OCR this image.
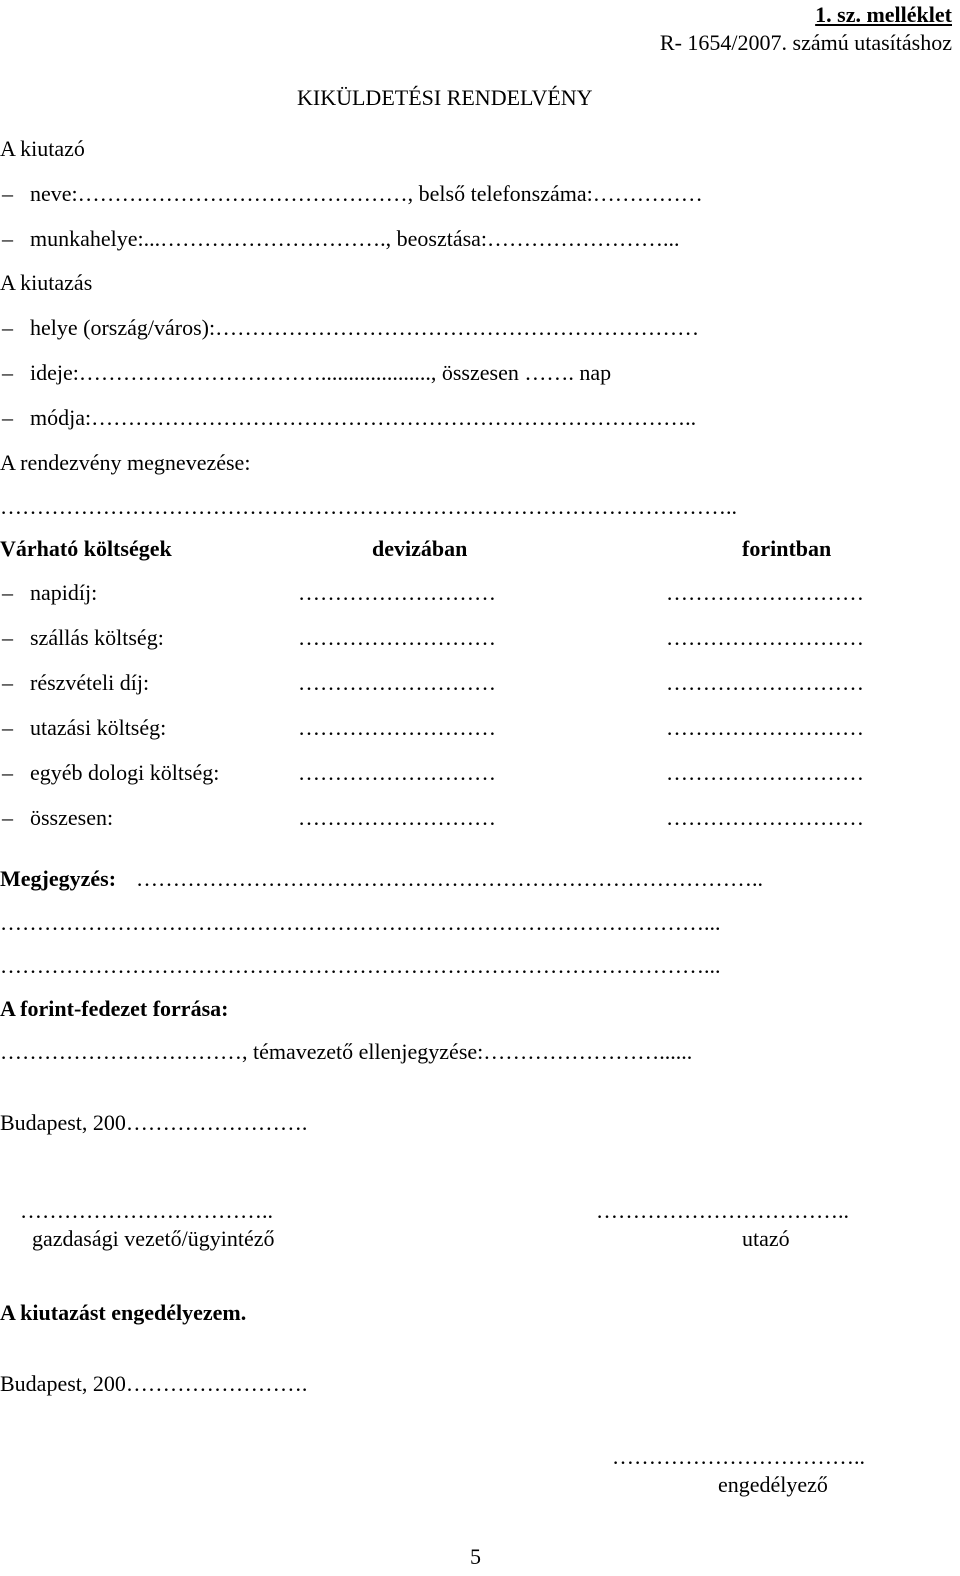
1. sz. melléklet
R- 1654/2007. számú utasításhoz
KIKÜLDETÉSI RENDELVÉNY
A kiutazó
– neve:………………………………………, belső telefonszáma:……………
– munkahelye:...…………………………., beosztása:……………………...
A kiutazás
– helye (ország/város):…………………………………………………………
– ideje:……………………………...................., összesen ……. nap
– módja:………………………………………………………………………..
A rendezvény megnevezése:
………………………………………………………………………………………..
Várható költségek	devizában	forintban
– napidíj:	………………………	………………………
– szállás költség:	………………………	………………………
– részvételi díj:	………………………	………………………
– utazási költség:	………………………	………………………
– egyéb dologi költség:	………………………	………………………
– összesen:	………………………	………………………
Megjegyzés: …………………………………………………………………………..
……………………………………………………………………………………...
……………………………………………………………………………………...
A forint-fedezet forrása:
……………………………, témavezető ellenjegyzése:……………………......
Budapest, 200…………………….
……………………………..
gazdasági vezető/ügyintéző
……………………………..
utazó
A kiutazást engedélyezem.
Budapest, 200…………………….
……………………………..
engedélyező
5
